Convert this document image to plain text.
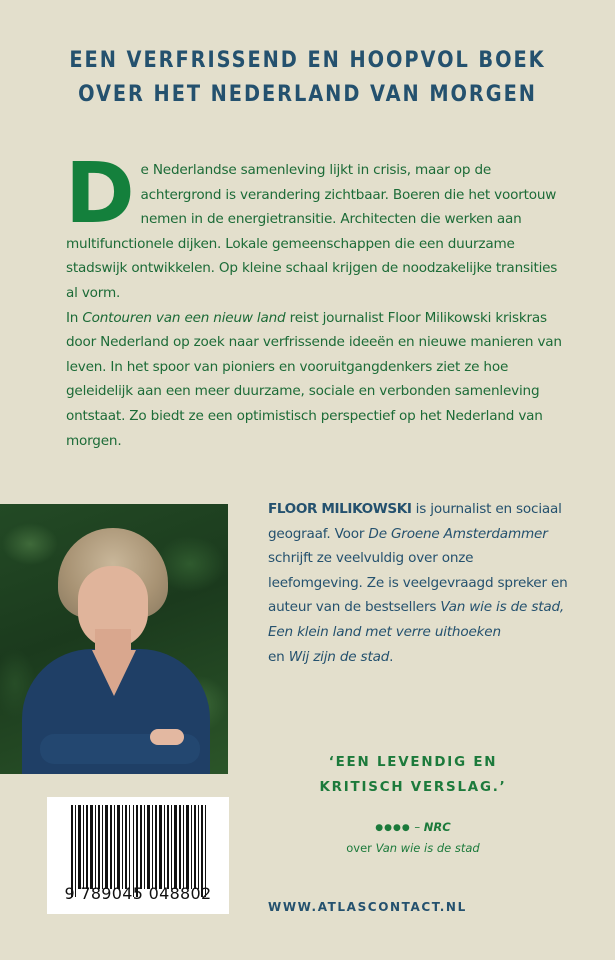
EEN VERFRISSEND EN HOOPVOL BOEK
OVER HET NEDERLAND VAN MORGEN

De Nederlandse samenleving lijkt in crisis, maar op de achtergrond is verandering zichtbaar. Boeren die het voortouw nemen in de energietransitie. Architecten die werken aan multifunctionele dijken. Lokale gemeenschappen die een duurzame stadswijk ontwikkelen. Op kleine schaal krijgen de noodzakelijke transities al vorm.

In Contouren van een nieuw land reist journalist Floor Milikowski kriskras door Nederland op zoek naar verfrissende ideeën en nieuwe manieren van leven. In het spoor van pioniers en vooruitgangdenkers ziet ze hoe geleidelijk aan een meer duurzame, sociale en verbonden samenleving ontstaat. Zo biedt ze een optimistisch perspectief op het Nederland van morgen.

FLOOR MILIKOWSKI is journalist en sociaal geograaf. Voor De Groene Amsterdammer schrijft ze veelvuldig over onze leefomgeving. Ze is veelgevraagd spreker en auteur van de bestsellers Van wie is de stad,
Een klein land met verre uithoeken
en Wij zijn de stad.

‘EEN LEVENDIG EN
KRITISCH VERSLAG.’
●●●● – NRC
over Van wie is de stad
9 789045 048802
WWW.ATLASCONTACT.NL
